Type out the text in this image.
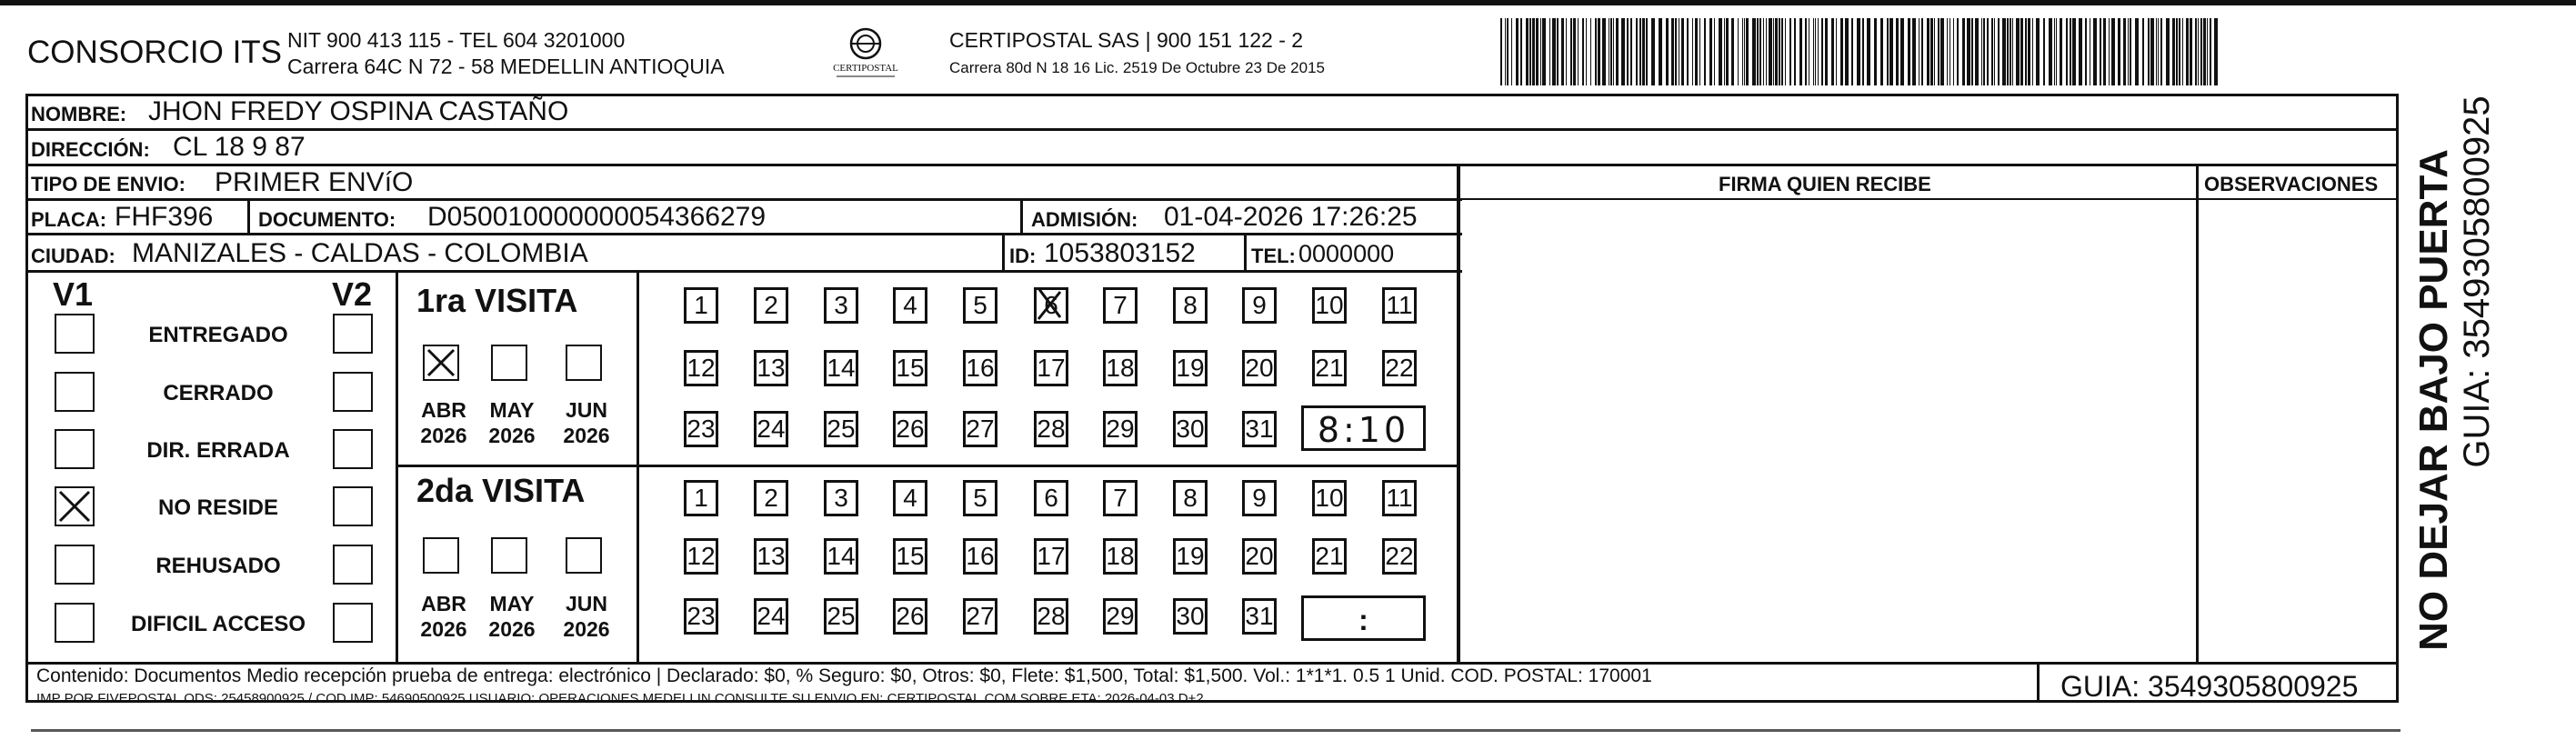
CONSORCIO ITS NIT 900 413 115 - TEL 604 3201000
Carrera 64C N 72 - 58 MEDELLIN ANTIOQUIA	CERTIPOSTAL
CERTIPOSTAL SAS | 900 151 122 - 2
Carrera 80d N 18 16 Lic. 2519 De Octubre 23 De 2015
NOMBRE: JHON FREDY OSPINA CASTAÑO
DIRECCIÓN: CL 18 9 87
TIPO DE ENVIO: PRIMER ENVíO
PLACA: FHF396 DOCUMENTO: D050010000000054366279	ADMISIÓN: 01-04-2026 17:26:25
CIUDAD: MANIZALES - CALDAS - COLOMBIA	ID: 1053803152	TEL: 0000000
FIRMA QUIEN RECIBE	OBSERVACIONES
V1	V2
ENTREGADO
CERRADO
DIR. ERRADA
NO RESIDE
REHUSADO
DIFICIL ACCESO
1ra VISITA
ABR
2026
MAY
2026
JUN
2026
1	2	3	4	5	6	7	8	9	10 11
12 13 14 15 16 17 18 19 20 21 22
23 24 25 26 27 28 29 30 31	8:10
2da VISITA
ABR
2026
MAY
2026
JUN
2026
1	2	3	4	5	6	7	8	9	10 11
12 13 14 15 16 17 18 19 20 21 22
23 24 25 26 27 28 29 30 31	:
Contenido: Documentos Medio recepción prueba de entrega: electrónico | Declarado: $0, % Seguro: $0, Otros: $0, Flete: $1,500, Total: $1,500. Vol.: 1*1*1. 0.5 1 Unid. COD. POSTAL: 170001
IMP POR FIVEPOSTAL ODS: 25458900925 / COD.IMP: 54690500925 USUARIO: OPERACIONES MEDELLIN CONSULTE SU ENVIO EN: CERTIPOSTAL.COM SOBRE ETA: 2026-04-03 D+2	GUIA: 3549305800925
NO DEJAR BAJO PUERTA GUIA: 3549305800925
